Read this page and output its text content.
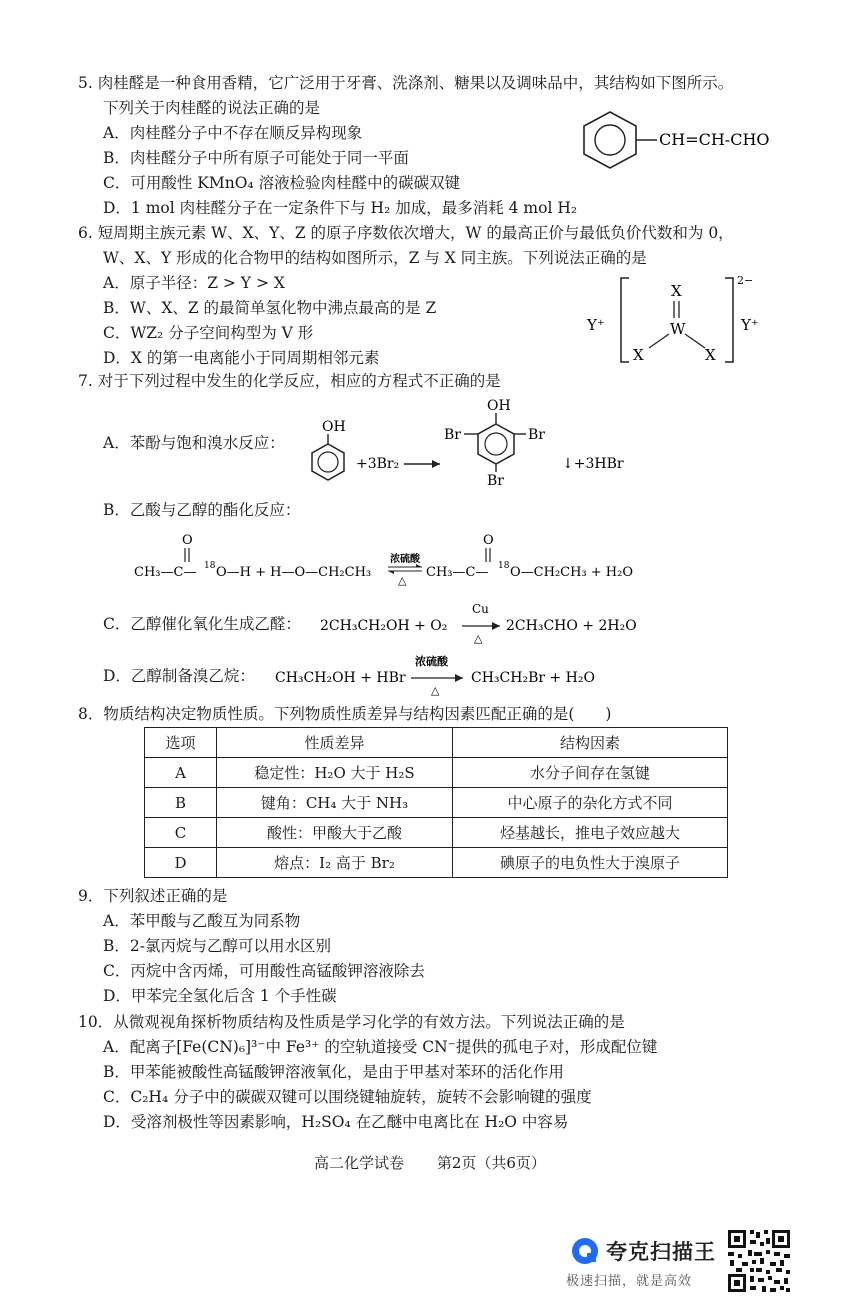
5. 肉桂醛是一种食用香精，它广泛用于牙膏、洗涤剂、糖果以及调味品中，其结构如下图所示。
下列关于肉桂醛的说法正确的是
A．肉桂醛分子中不存在顺反异构现象
B．肉桂醛分子中所有原子可能处于同一平面
C．可用酸性 KMnO₄ 溶液检验肉桂醛中的碳碳双键
D．1 mol 肉桂醛分子在一定条件下与 H₂ 加成，最多消耗 4 mol H₂
CH=CH-CHO
6. 短周期主族元素 W、X、Y、Z 的原子序数依次增大，W 的最高正价与最低负价代数和为 0，
W、X、Y 形成的化合物甲的结构如图所示，Z 与 X 同主族。下列说法正确的是
A．原子半径：Z > Y > X
B．W、X、Z 的最简单氢化物中沸点最高的是 Z
C．WZ₂ 分子空间构型为 V 形
D．X 的第一电离能小于同周期相邻元素
Y⁺
2−
Y⁺
X
W
X	X
7. 对于下列过程中发生的化学反应，相应的方程式不正确的是
A．苯酚与饱和溴水反应：
OH
+3Br₂
OH
Br	Br
Br
↓+3HBr
B．乙酸与乙醇的酯化反应：
O
CH₃—C— 18 O—H + H—O—CH₂CH₃
浓硫酸
△
O
CH₃—C— 18 O—CH₂CH₃ + H₂O
C．乙醇催化氧化生成乙醛：	2CH₃CH₂OH + O₂
Cu
△
2CH₃CHO + 2H₂O
D．乙醇制备溴乙烷：	CH₃CH₂OH + HBr
浓硫酸
△
CH₃CH₂Br + H₂O
8．物质结构决定物质性质。下列物质性质差异与结构因素匹配正确的是(　　)
选项	性质差异	结构因素
A	稳定性：H₂O 大于 H₂S	水分子间存在氢键
B	键角：CH₄ 大于 NH₃	中心原子的杂化方式不同
C	酸性：甲酸大于乙酸	烃基越长，推电子效应越大
D	熔点：I₂ 高于 Br₂	碘原子的电负性大于溴原子
9．下列叙述正确的是
A．苯甲酸与乙酸互为同系物
B．2-氯丙烷与乙醇可以用水区别
C．丙烷中含丙烯，可用酸性高锰酸钾溶液除去
D．甲苯完全氢化后含 1 个手性碳
10．从微观视角探析物质结构及性质是学习化学的有效方法。下列说法正确的是
A．配离子[Fe(CN)₆]³⁻中 Fe³⁺ 的空轨道接受 CN⁻提供的孤电子对，形成配位键
B．甲苯能被酸性高锰酸钾溶液氧化，是由于甲基对苯环的活化作用
C．C₂H₄ 分子中的碳碳双键可以围绕键轴旋转，旋转不会影响键的强度
D．受溶剂极性等因素影响，H₂SO₄ 在乙醚中电离比在 H₂O 中容易
高二化学试卷 第2页（共6页）
夸克扫描王
极速扫描，就是高效
